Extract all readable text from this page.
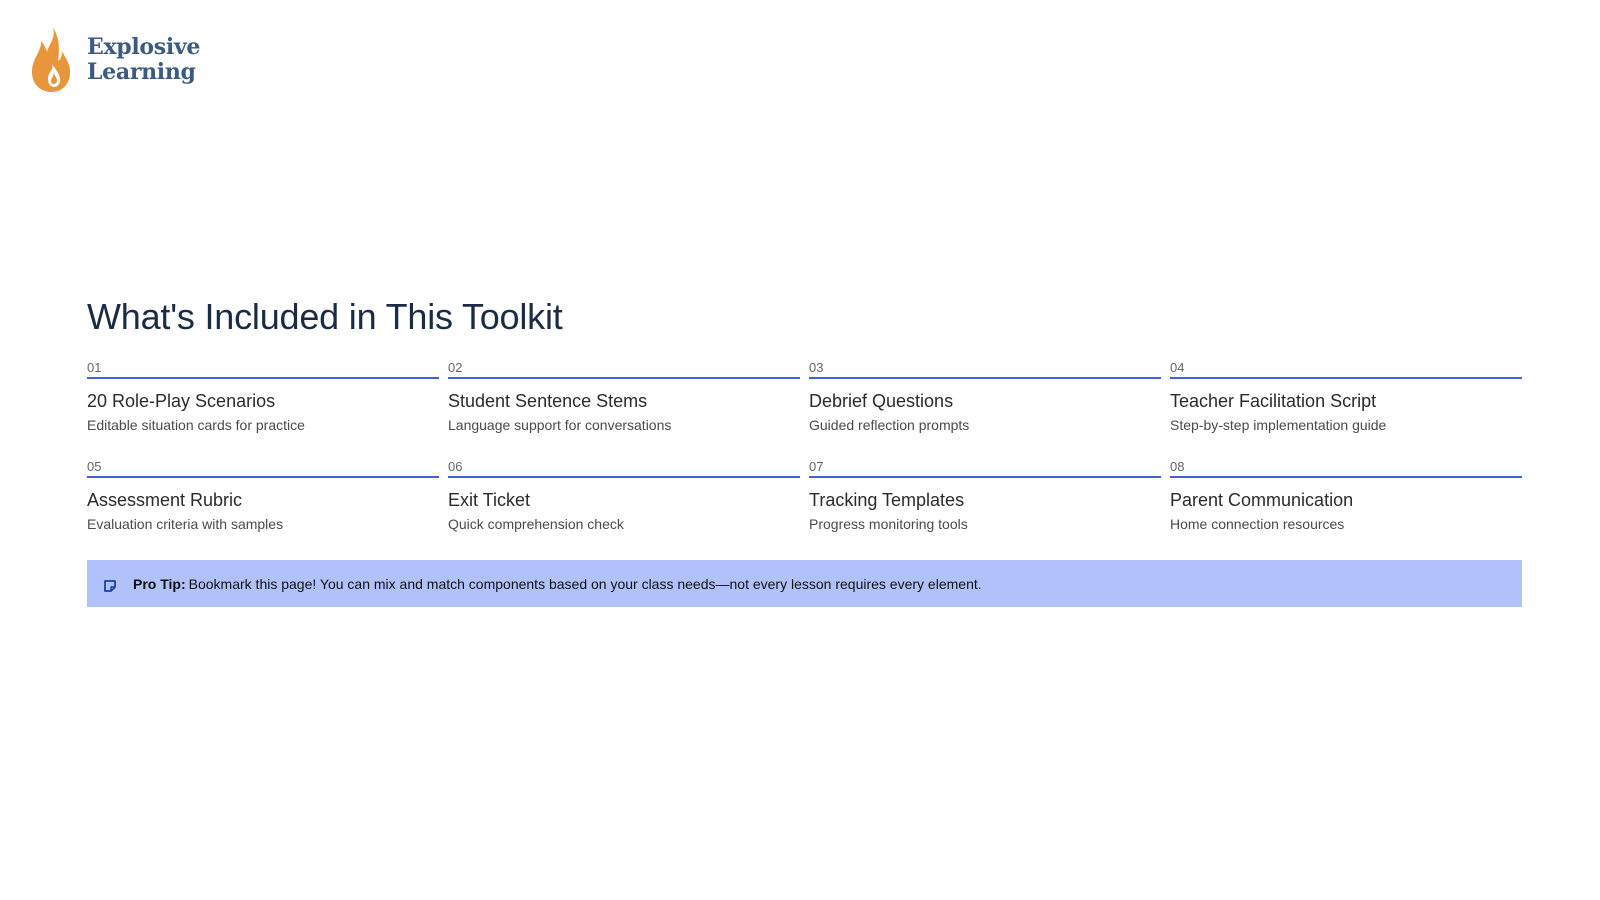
Explosive
Learning
What's Included in This Toolkit
01
20 Role-Play Scenarios
Editable situation cards for practice
02
Student Sentence Stems
Language support for conversations
03
Debrief Questions
Guided reflection prompts
04
Teacher Facilitation Script
Step-by-step implementation guide
05
Assessment Rubric
Evaluation criteria with samples
06
Exit Ticket
Quick comprehension check
07
Tracking Templates
Progress monitoring tools
08
Parent Communication
Home connection resources
Pro Tip: Bookmark this page! You can mix and match components based on your class needs—not every lesson requires every element.
